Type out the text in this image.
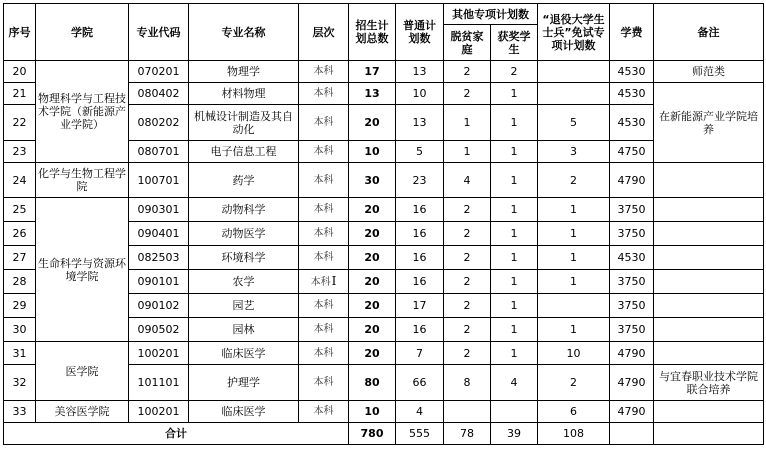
序号	学院	专业代码	专业名称	层次	招生计划总数	普通计划数	其他专项计划数		“退役大学生士兵”免试专项计划数	学费	备注
							脱贫家庭	获奖学生			
20	物理科学与工程技术学院（新能源产业学院）	070201	物理学	本科	17	13	2	2		4530	师范类
21		080402	材料物理	本科	13	10	2	1		4530	在新能源产业学院培养
22		080202	机械设计制造及其自动化	本科	20	13	1	1	5	4530	
23		080701	电子信息工程	本科	10	5	1	1	3	4750	
24	化学与生物工程学院	100701	药学	本科	30	23	4	1	2	4790	
25	生命科学与资源环境学院	090301	动物科学	本科	20	16	2	1	1	3750	
26		090401	动物医学	本科	20	16	2	1	1	3750	
27		082503	环境科学	本科	20	16	2	1	1	4530	
28		090101	农学	本科I	20	16	2	1	1	3750	
29		090102	园艺	本科	20	17	2	1		3750	
30		090502	园林	本科	20	16	2	1	1	3750	
31	医学院	100201	临床医学	本科	20	7	2	1	10	4790	
32		101101	护理学	本科	80	66	8	4	2	4790	与宜春职业技术学院联合培养
33	美容医学院	100201	临床医学	本科	10	4			6	4790	
合计					780	555	78	39	108		
